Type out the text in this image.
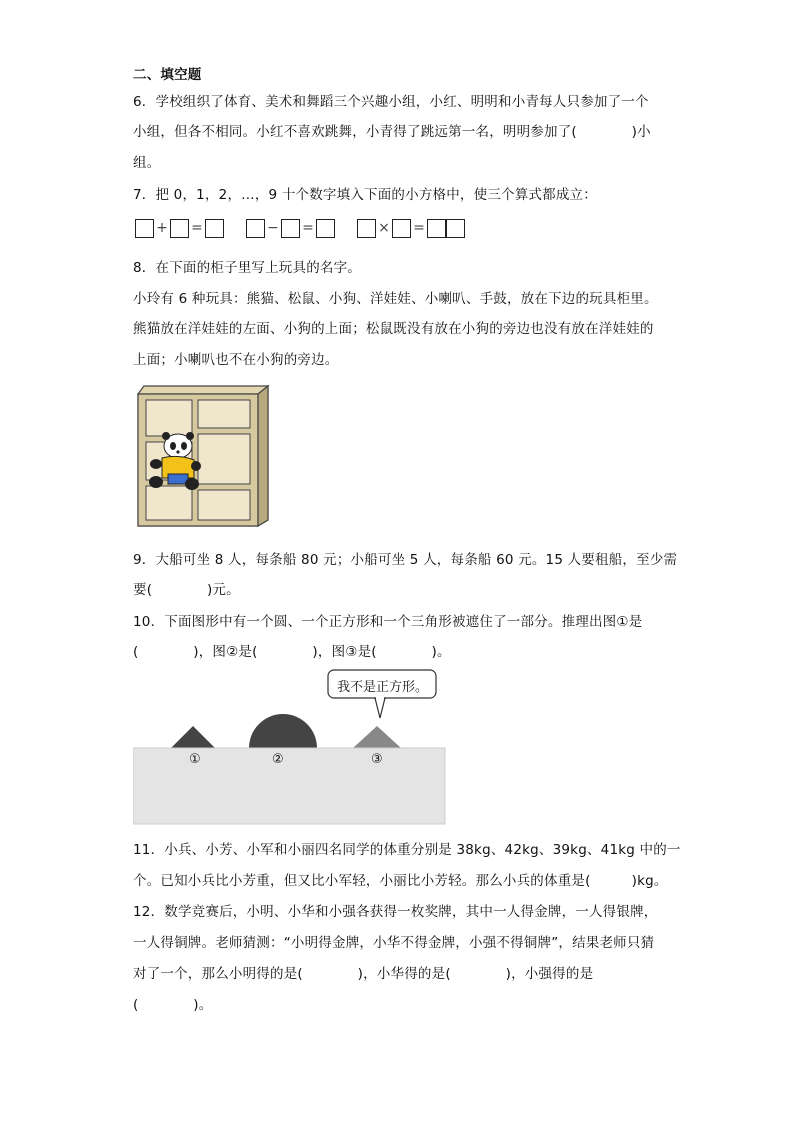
二、填空题
6．学校组织了体育、美术和舞蹈三个兴趣小组，小红、明明和小青每人只参加了一个
小组，但各不相同。小红不喜欢跳舞，小青得了跳远第一名，明明参加了(　　　　)小
组。
7．把 0，1，2，…，9 十个数字填入下面的小方格中，使三个算式都成立：
+ =	− =	× =
8．在下面的柜子里写上玩具的名字。
小玲有 6 种玩具：熊猫、松鼠、小狗、洋娃娃、小喇叭、手鼓，放在下边的玩具柜里。
熊猫放在洋娃娃的左面、小狗的上面；松鼠既没有放在小狗的旁边也没有放在洋娃娃的
上面；小喇叭也不在小狗的旁边。
9．大船可坐 8 人，每条船 80 元；小船可坐 5 人，每条船 60 元。15 人要租船，至少需
要(　　　　)元。
10．下面图形中有一个圆、一个正方形和一个三角形被遮住了一部分。推理出图①是
(　　　　)，图②是(　　　　)，图③是(　　　　)。
我不是正方形。
①	②	③
11．小兵、小芳、小军和小丽四名同学的体重分别是 38kg、42kg、39kg、41kg 中的一
个。已知小兵比小芳重，但又比小军轻，小丽比小芳轻。那么小兵的体重是(　　　)kg。
12．数学竞赛后，小明、小华和小强各获得一枚奖牌，其中一人得金牌，一人得银牌，
一人得铜牌。老师猜测：“小明得金牌，小华不得金牌，小强不得铜牌”，结果老师只猜
对了一个，那么小明得的是(　　　　)，小华得的是(　　　　)，小强得的是
(　　　　)。
